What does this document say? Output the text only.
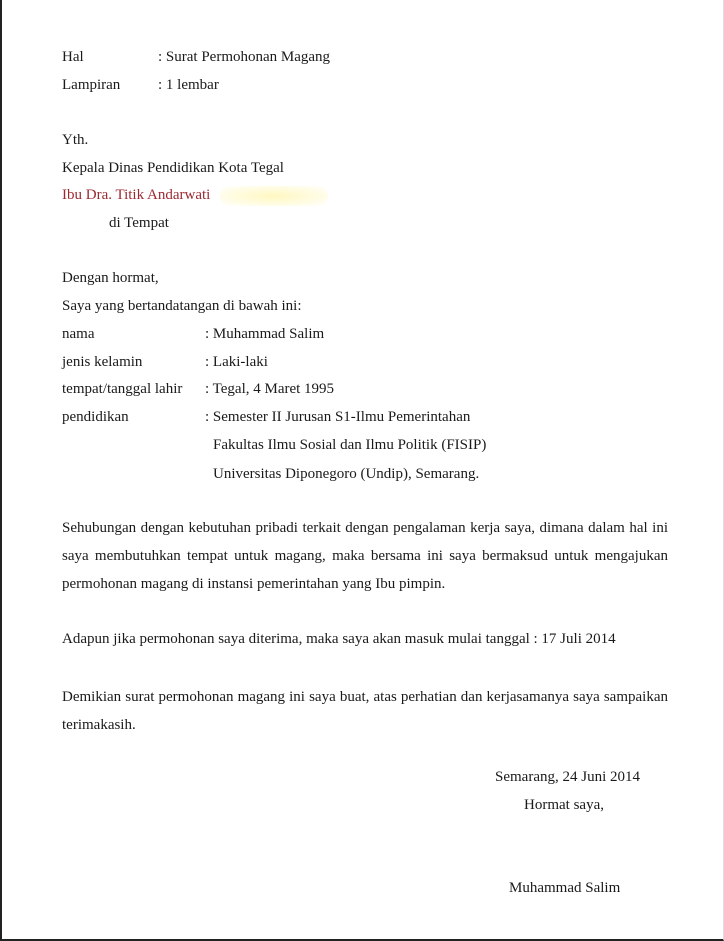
Hal	: Surat Permohonan Magang
Lampiran	: 1 lembar
Yth.
Kepala Dinas Pendidikan Kota Tegal
Ibu Dra. Titik Andarwati
di Tempat
Dengan hormat,
Saya yang bertandatangan di bawah ini:
nama	: Muhammad Salim
jenis kelamin	: Laki-laki
tempat/tanggal lahir : Tegal, 4 Maret 1995
pendidikan	: Semester II Jurusan S1-Ilmu Pemerintahan
Fakultas Ilmu Sosial dan Ilmu Politik (FISIP)
Universitas Diponegoro (Undip), Semarang.
Sehubungan dengan kebutuhan pribadi terkait dengan pengalaman kerja saya, dimana dalam hal ini saya membutuhkan tempat untuk magang, maka bersama ini saya bermaksud untuk mengajukan permohonan magang di instansi pemerintahan yang Ibu pimpin.
Adapun jika permohonan saya diterima, maka saya akan masuk mulai tanggal : 17 Juli 2014
Demikian surat permohonan magang ini saya buat, atas perhatian dan kerjasamanya saya sampaikan terimakasih.
Semarang, 24 Juni 2014
Hormat saya,
Muhammad Salim
